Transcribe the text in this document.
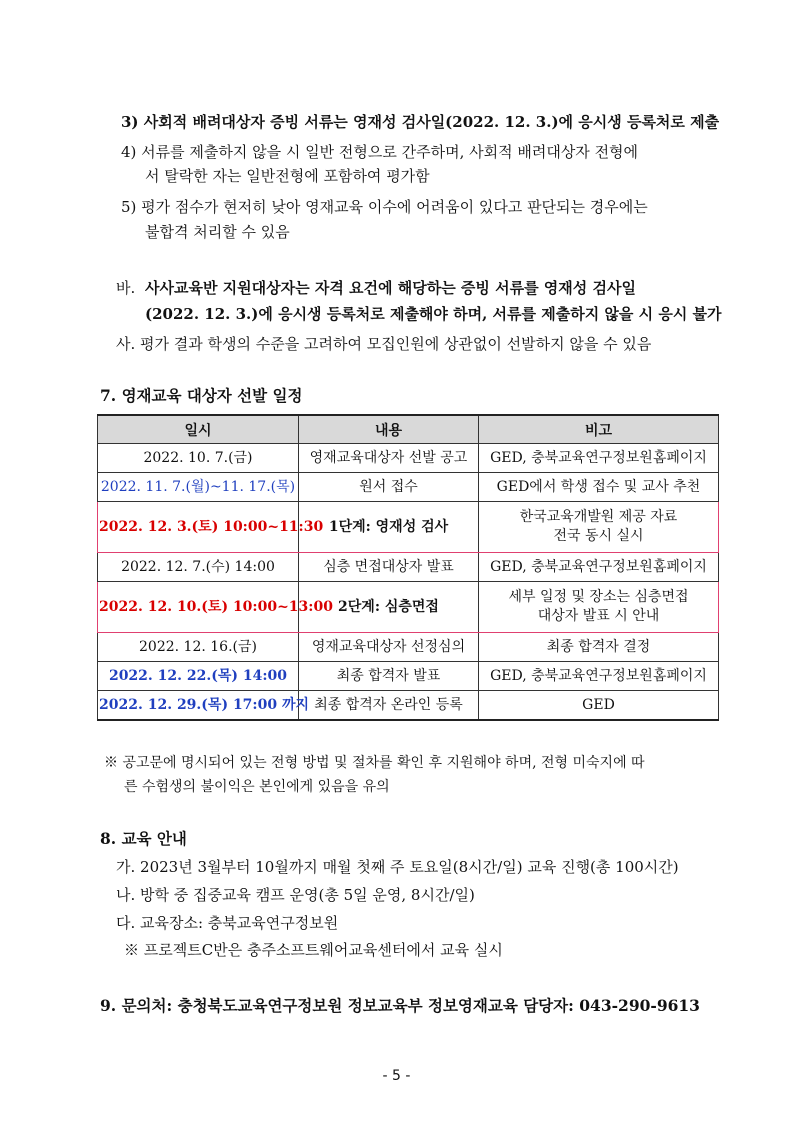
3) 사회적 배려대상자 증빙 서류는 영재성 검사일(2022. 12. 3.)에 응시생 등록처로 제출
4) 서류를 제출하지 않을 시 일반 전형으로 간주하며, 사회적 배려대상자 전형에
서 탈락한 자는 일반전형에 포함하여 평가함
5) 평가 점수가 현저히 낮아 영재교육 이수에 어려움이 있다고 판단되는 경우에는
불합격 처리할 수 있음
바. 사사교육반 지원대상자는 자격 요건에 해당하는 증빙 서류를 영재성 검사일
(2022. 12. 3.)에 응시생 등록처로 제출해야 하며, 서류를 제출하지 않을 시 응시 불가
사. 평가 결과 학생의 수준을 고려하여 모집인원에 상관없이 선발하지 않을 수 있음
7. 영재교육 대상자 선발 일정
일시	내용	비고
2022. 10. 7.(금)	영재교육대상자 선발 공고	GED, 충북교육연구정보원홈페이지
2022. 11. 7.(월)~11. 17.(목)	원서 접수	GED에서 학생 접수 및 교사 추천
2022. 12. 3.(토) 10:00~11:30	1단계: 영재성 검사	한국교육개발원 제공 자료
전국 동시 실시

2022. 12. 7.(수) 14:00	심층 면접대상자 발표	GED, 충북교육연구정보원홈페이지
2022. 12. 10.(토) 10:00~13:00	2단계: 심층면접	세부 일정 및 장소는 심층면접
대상자 발표 시 안내

2022. 12. 16.(금)	영재교육대상자 선정심의	최종 합격자 결정
2022. 12. 22.(목) 14:00	최종 합격자 발표	GED, 충북교육연구정보원홈페이지
2022. 12. 29.(목) 17:00 까지	최종 합격자 온라인 등록	GED
※ 공고문에 명시되어 있는 전형 방법 및 절차를 확인 후 지원해야 하며, 전형 미숙지에 따
른 수험생의 불이익은 본인에게 있음을 유의
8. 교육 안내
가. 2023년 3월부터 10월까지 매월 첫째 주 토요일(8시간/일) 교육 진행(총 100시간)
나. 방학 중 집중교육 캠프 운영(총 5일 운영, 8시간/일)
다. 교육장소: 충북교육연구정보원
※ 프로젝트C반은 충주소프트웨어교육센터에서 교육 실시
9. 문의처: 충청북도교육연구정보원 정보교육부 정보영재교육 담당자: 043-290-9613
- 5 -
